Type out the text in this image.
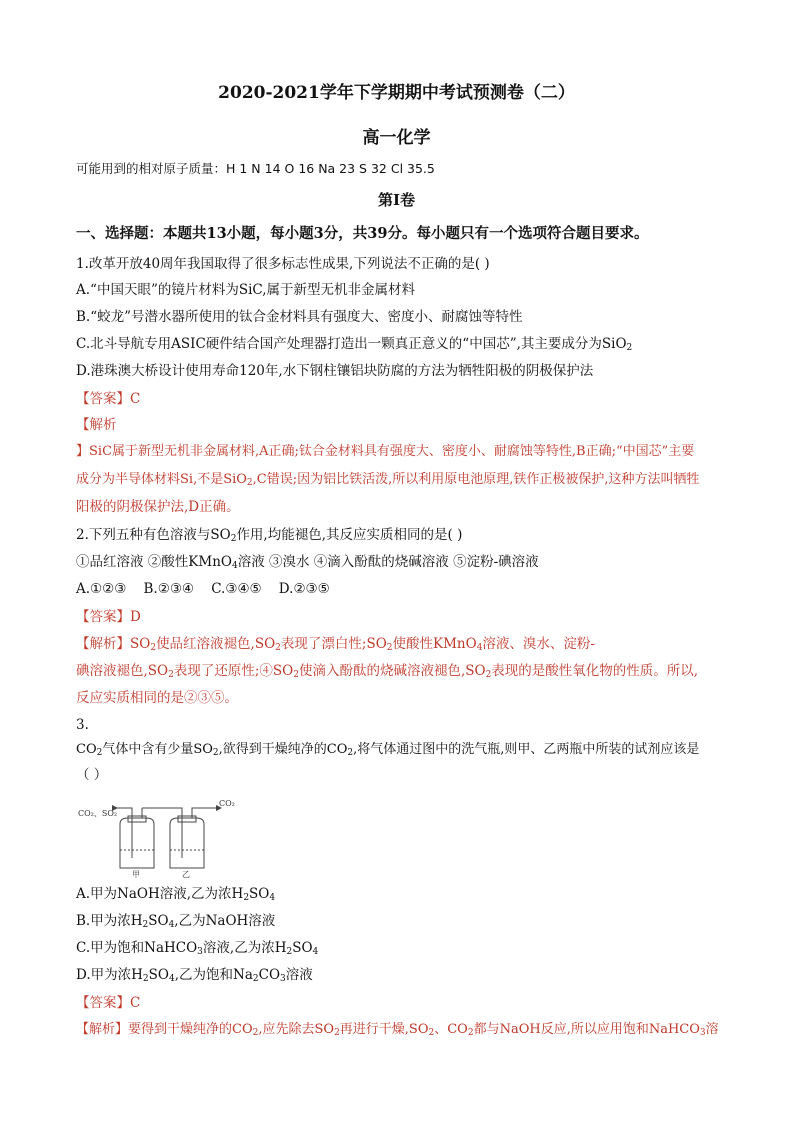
2020-2021学年下学期期中考试预测卷（二）
高一化学
可能用到的相对原子质量：H 1 N 14 O 16 Na 23 S 32 Cl 35.5
第Ⅰ卷
一、选择题：本题共13小题，每小题3分，共39分。每小题只有一个选项符合题目要求。
1.改革开放40周年我国取得了很多标志性成果,下列说法不正确的是( )
A.“中国天眼”的镜片材料为SiC,属于新型无机非金属材料
B.“蛟龙”号潜水器所使用的钛合金材料具有强度大、密度小、耐腐蚀等特性
C.北斗导航专用ASIC硬件结合国产处理器打造出一颗真正意义的“中国芯”,其主要成分为SiO$_2$
D.港珠澳大桥设计使用寿命120年,水下钢柱镶铝块防腐的方法为牺牲阳极的阴极保护法
【答案】C
【解析
】SiC属于新型无机非金属材料,A正确;钛合金材料具有强度大、密度小、耐腐蚀等特性,B正确;“中国芯”主要
成分为半导体材料Si,不是SiO$_2$,C错误;因为铝比铁活泼,所以利用原电池原理,铁作正极被保护,这种方法叫牺牲
阳极的阴极保护法,D正确。
2.下列五种有色溶液与$SO_2$作用,均能褪色,其反应实质相同的是( )
①品红溶液 ②酸性KMnO$_4$溶液 ③溴水 ④滴入酚酞的烧碱溶液 ⑤淀粉-碘溶液
A.①②③    B.②③④    C.③④⑤    D.②③⑤
【答案】D
【解析】$SO_2$使品红溶液褪色$,SO_2$表现了漂白性$;SO_2$使酸性KMnO$_4$溶液、溴水、淀粉-
碘溶液褪色$,SO_2$表现了还原性$;④SO_2$使滴入酚酞的烧碱溶液褪色$,SO_2$表现的是酸性氧化物的性质。所以,
反应实质相同的是②③⑤。
3.
$CO_2$气体中含有少量$SO_2$,欲得到干燥纯净的$CO_2$,将气体通过图中的洗气瓶,则甲、乙两瓶中所装的试剂应该是
（ ）
CO₂、SO₂
CO₂
甲	乙
A.甲为NaOH溶液,乙为浓$H_2SO_4$
B.甲为浓$H_2SO_4$,乙为NaOH溶液
C.甲为饱和NaHCO$_3$溶液,乙为浓$H_2SO_4$
D.甲为浓$H_2SO_4$,乙为饱和$Na_2CO_3$溶液
【答案】C
【解析】要得到干燥纯净的$CO_2$,应先除去$SO_2$再进行干燥$,SO_2$、$CO_2$都与NaOH反应,所以应用饱和NaHCO$_3$溶
